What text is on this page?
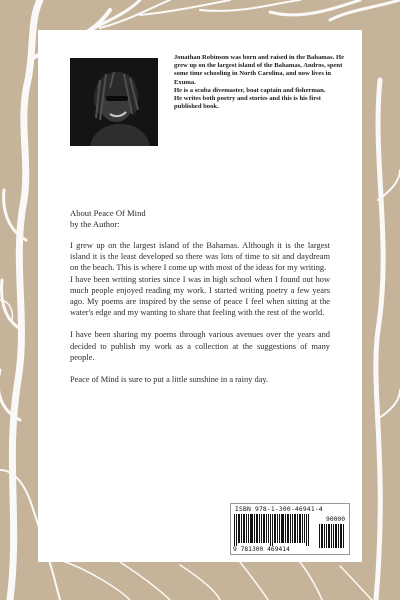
Jonathan Robinson was born and raised in the Bahamas. He grew up on the largest island of the Bahamas, Andros, spent some time schooling in North Carolina, and now lives in Exuma.

He is a scuba divemaster, boat captain and fisherman.

He writes both poetry and stories and this is his first published book.

About Peace Of Mind
by the Author:

I grew up on the largest island of the Bahamas. Although it is the largest island it is the least developed so there was lots of time to sit and daydream on the beach. This is where I come up with most of the ideas for my writing.

I have been writing stories since I was in high school when I found out how much people enjoyed reading my work. I started writing poetry a few years ago. My poems are inspired by the sense of peace I feel when sitting at the water's edge and my wanting to share that feeling with the rest of the world.

I have been sharing my poems through various avenues over the years and decided to publish my work as a collection at the suggestions of many people.

Peace of Mind is sure to put a little sunshine in a rainy day.

ISBN 978-1-300-46941-4
90000
9 781300 469414
